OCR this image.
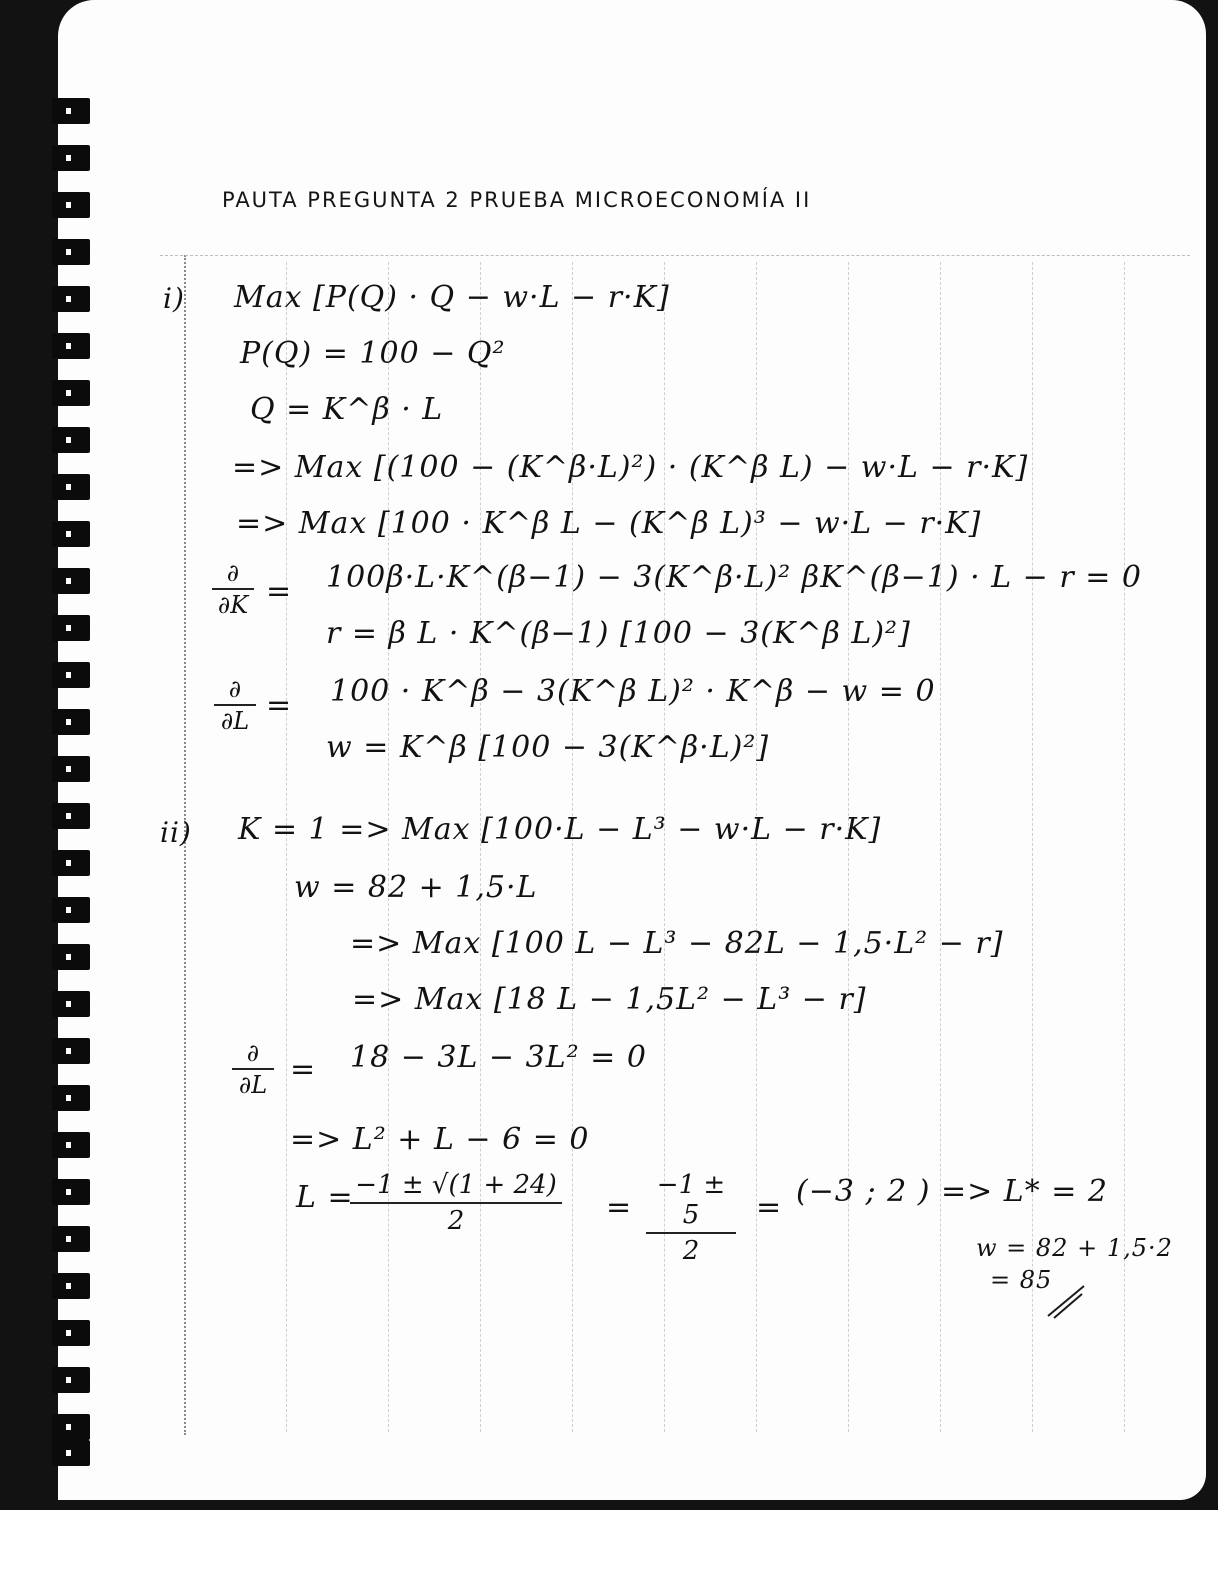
PAUTA PREGUNTA 2 PRUEBA MICROECONOMÍA II
i) Max [P(Q) · Q − w·L − r·K]
P(Q) = 100 − Q²
Q = K^β · L
=> Max [(100 − (K^β·L)²) · (K^β L) − w·L − r·K]
=> Max [100 · K^β L − (K^β L)³ − w·L − r·K]
∂
∂K = 100β·L·K^(β−1) − 3(K^β·L)² βK^(β−1) · L − r = 0
r = β L · K^(β−1) [100 − 3(K^β L)²]
∂
∂L = 100 · K^β − 3(K^β L)² · K^β − w = 0
w = K^β [100 − 3(K^β·L)²]
ii) K = 1 => Max [100·L − L³ − w·L − r·K]
w = 82 + 1,5·L
=> Max [100 L − L³ − 82L − 1,5·L² − r]
=> Max [18 L − 1,5L² − L³ − r]
∂
∂L = 18 − 3L − 3L² = 0
=> L² + L − 6 = 0
L = −1 ± √(1 + 24)
2	=
−1 ± 5
2
= (−3 ; 2 ) => L* = 2
w = 82 + 1,5·2
= 85
